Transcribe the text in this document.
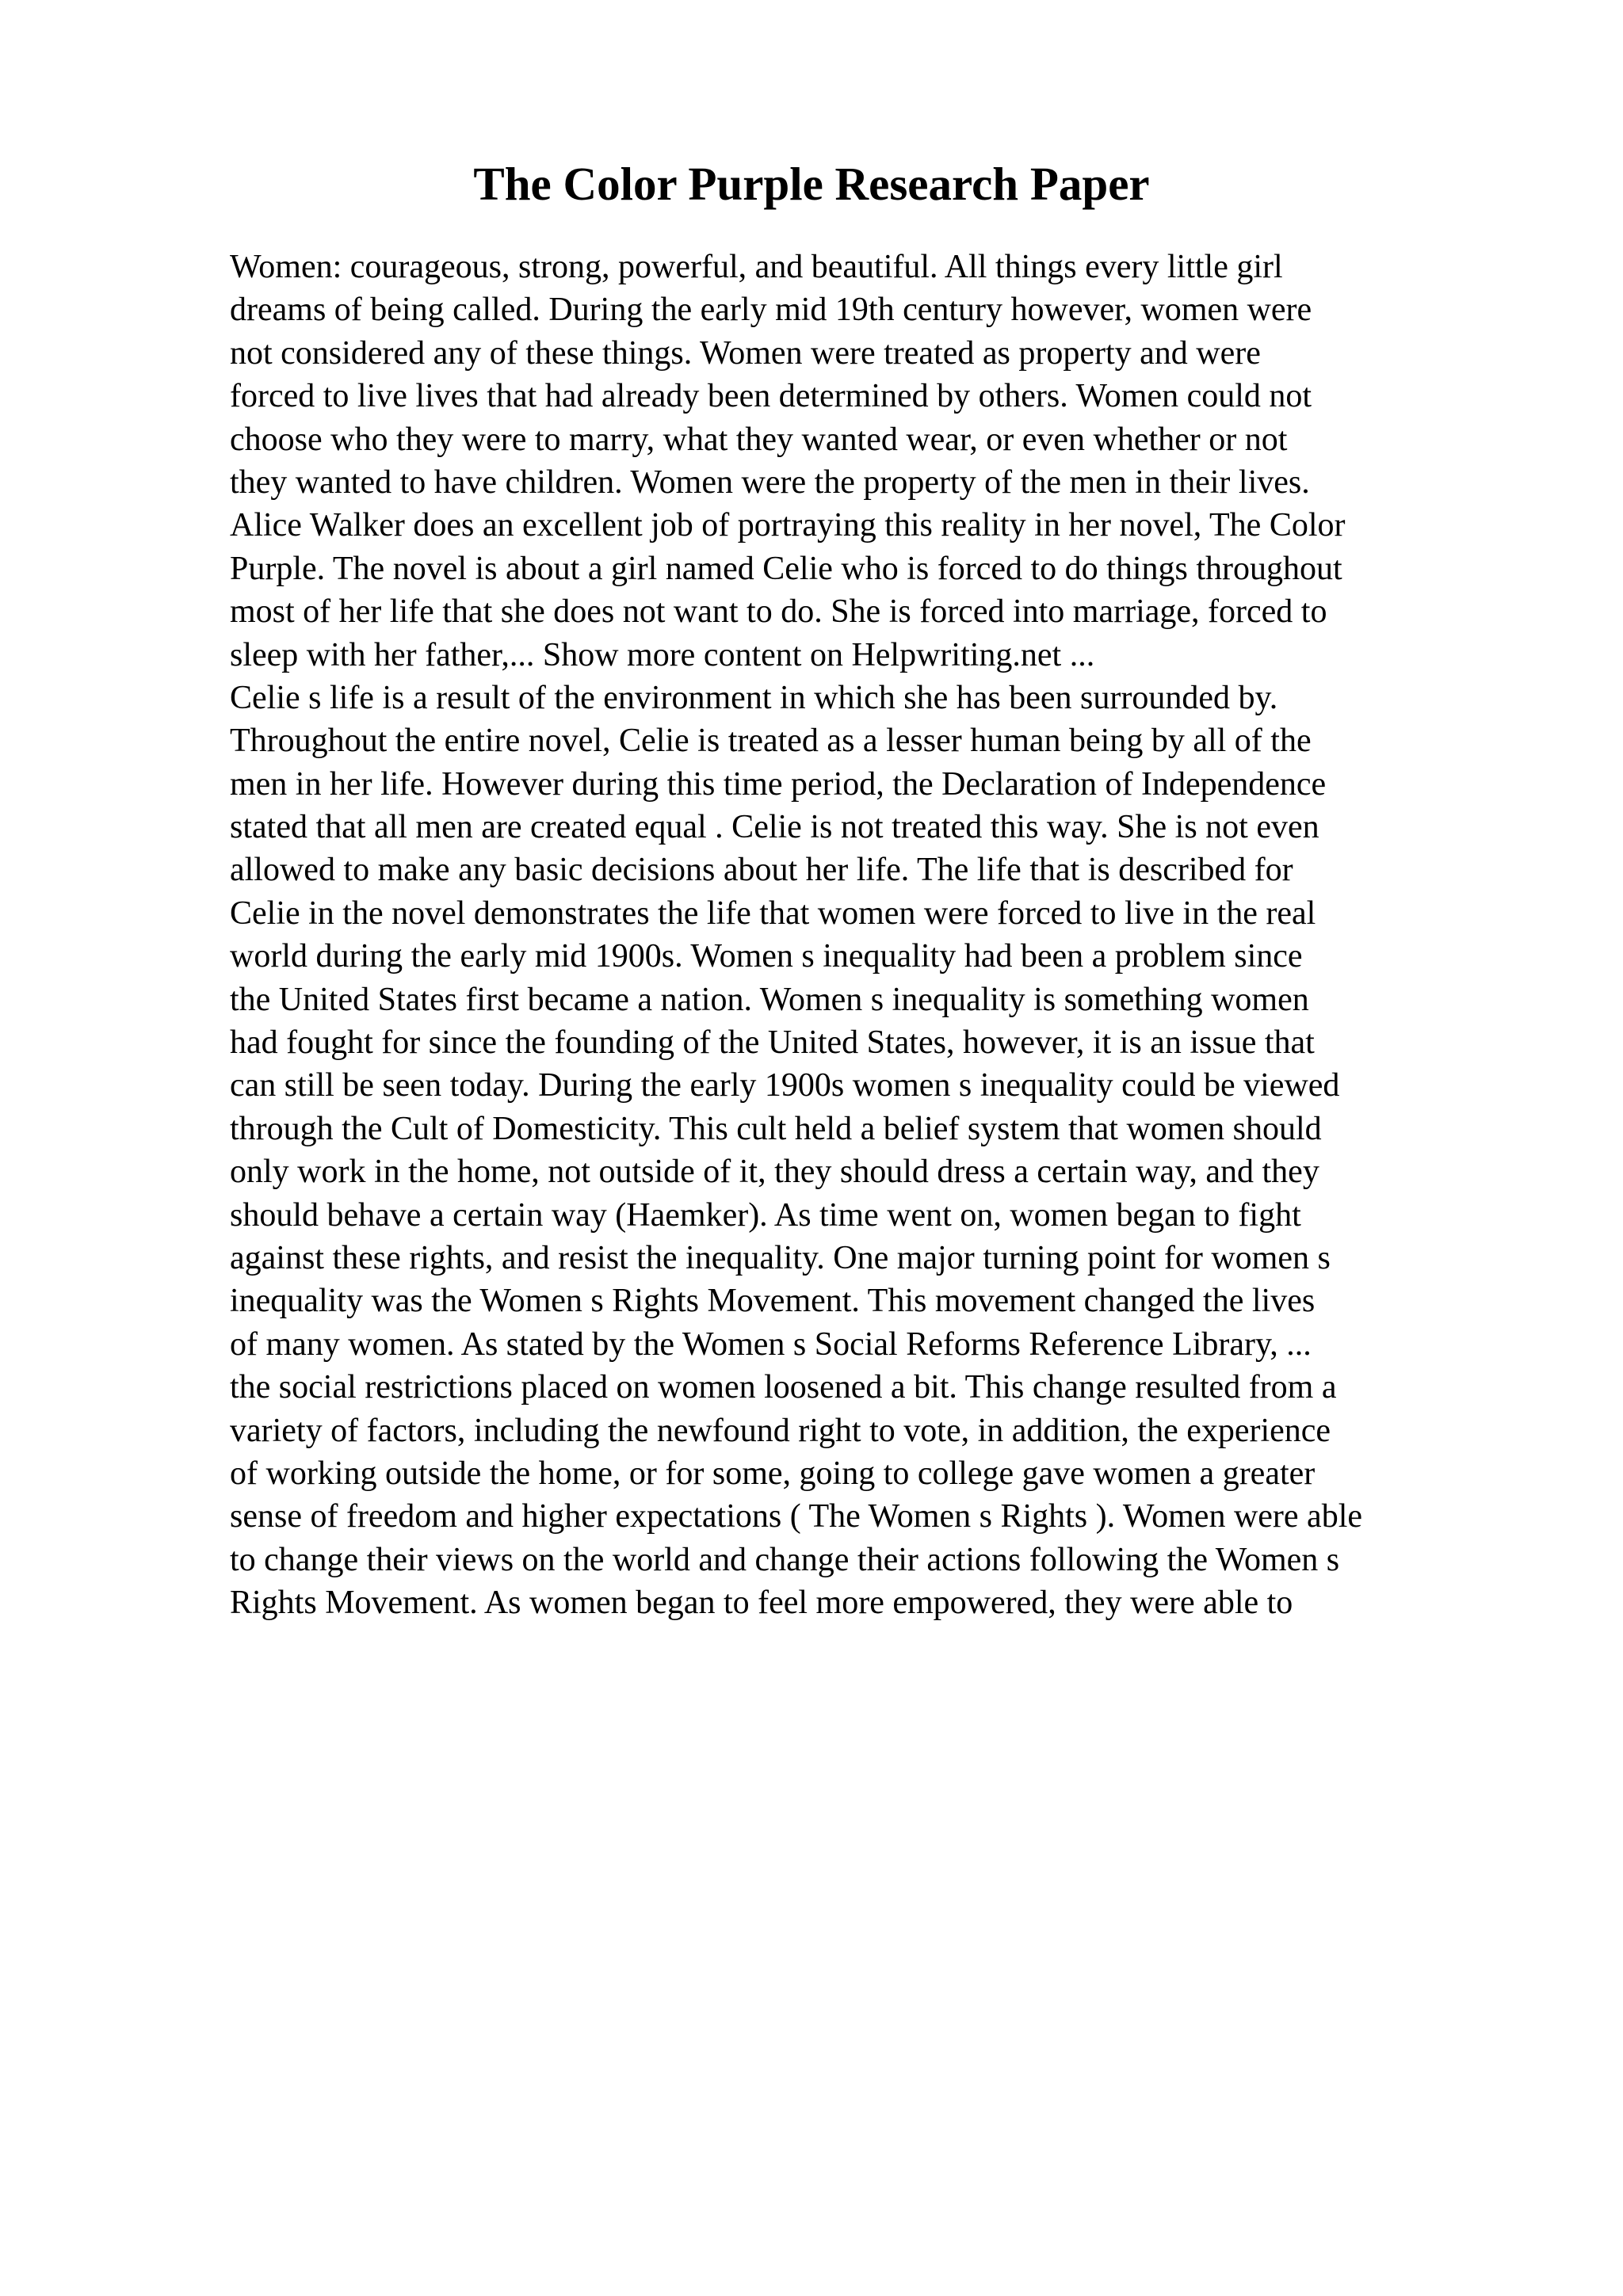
The Color Purple Research Paper
Women: courageous, strong, powerful, and beautiful. All things every little girl
dreams of being called. During the early mid 19th century however, women were
not considered any of these things. Women were treated as property and were
forced to live lives that had already been determined by others. Women could not
choose who they were to marry, what they wanted wear, or even whether or not
they wanted to have children. Women were the property of the men in their lives.
Alice Walker does an excellent job of portraying this reality in her novel, The Color
Purple. The novel is about a girl named Celie who is forced to do things throughout
most of her life that she does not want to do. She is forced into marriage, forced to
sleep with her father,... Show more content on Helpwriting.net ...
Celie s life is a result of the environment in which she has been surrounded by.
Throughout the entire novel, Celie is treated as a lesser human being by all of the
men in her life. However during this time period, the Declaration of Independence
stated that all men are created equal . Celie is not treated this way. She is not even
allowed to make any basic decisions about her life. The life that is described for
Celie in the novel demonstrates the life that women were forced to live in the real
world during the early mid 1900s. Women s inequality had been a problem since
the United States first became a nation. Women s inequality is something women
had fought for since the founding of the United States, however, it is an issue that
can still be seen today. During the early 1900s women s inequality could be viewed
through the Cult of Domesticity. This cult held a belief system that women should
only work in the home, not outside of it, they should dress a certain way, and they
should behave a certain way (Haemker). As time went on, women began to fight
against these rights, and resist the inequality. One major turning point for women s
inequality was the Women s Rights Movement. This movement changed the lives
of many women. As stated by the Women s Social Reforms Reference Library, ...
the social restrictions placed on women loosened a bit. This change resulted from a
variety of factors, including the newfound right to vote, in addition, the experience
of working outside the home, or for some, going to college gave women a greater
sense of freedom and higher expectations ( The Women s Rights ). Women were able
to change their views on the world and change their actions following the Women s
Rights Movement. As women began to feel more empowered, they were able to
